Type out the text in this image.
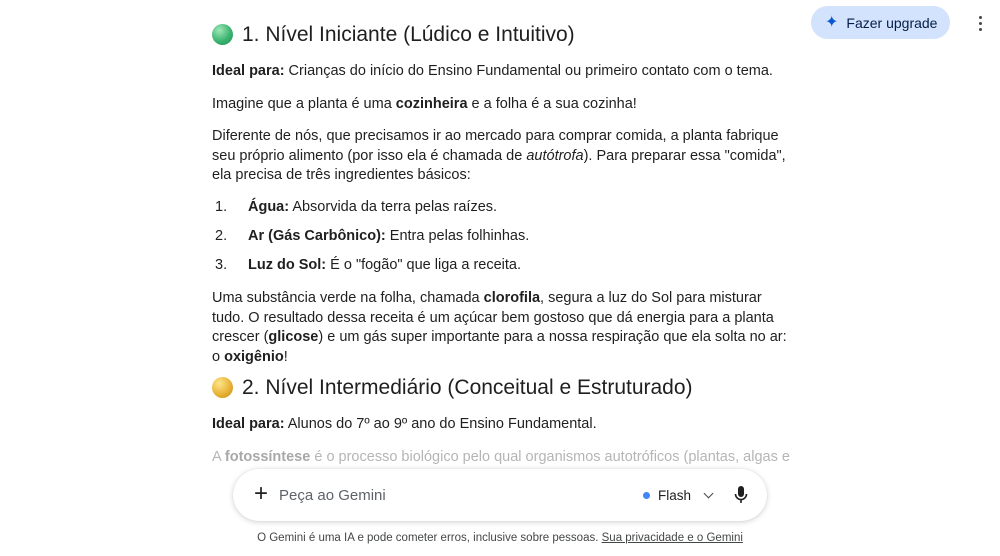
✦ Fazer upgrade
1. Nível Iniciante (Lúdico e Intuitivo)
Ideal para: Crianças do início do Ensino Fundamental ou primeiro contato com o tema.
Imagine que a planta é uma cozinheira e a folha é a sua cozinha!
Diferente de nós, que precisamos ir ao mercado para comprar comida, a planta fabrique seu próprio alimento (por isso ela é chamada de autótrofa). Para preparar essa "comida", ela precisa de três ingredientes básicos:
1. Água: Absorvida da terra pelas raízes.
2. Ar (Gás Carbônico): Entra pelas folhinhas.
3. Luz do Sol: É o "fogão" que liga a receita.
Uma substância verde na folha, chamada clorofila, segura a luz do Sol para misturar tudo. O resultado dessa receita é um açúcar bem gostoso que dá energia para a planta crescer (glicose) e um gás super importante para a nossa respiração que ela solta no ar: o oxigênio!
2. Nível Intermediário (Conceitual e Estruturado)
Ideal para: Alunos do 7º ao 9º ano do Ensino Fundamental.
A fotossíntese é o processo biológico pelo qual organismos autotróficos (plantas, algas e
+
Peça ao Gemini	Flash
O Gemini é uma IA e pode cometer erros, inclusive sobre pessoas. Sua privacidade e o Gemini
